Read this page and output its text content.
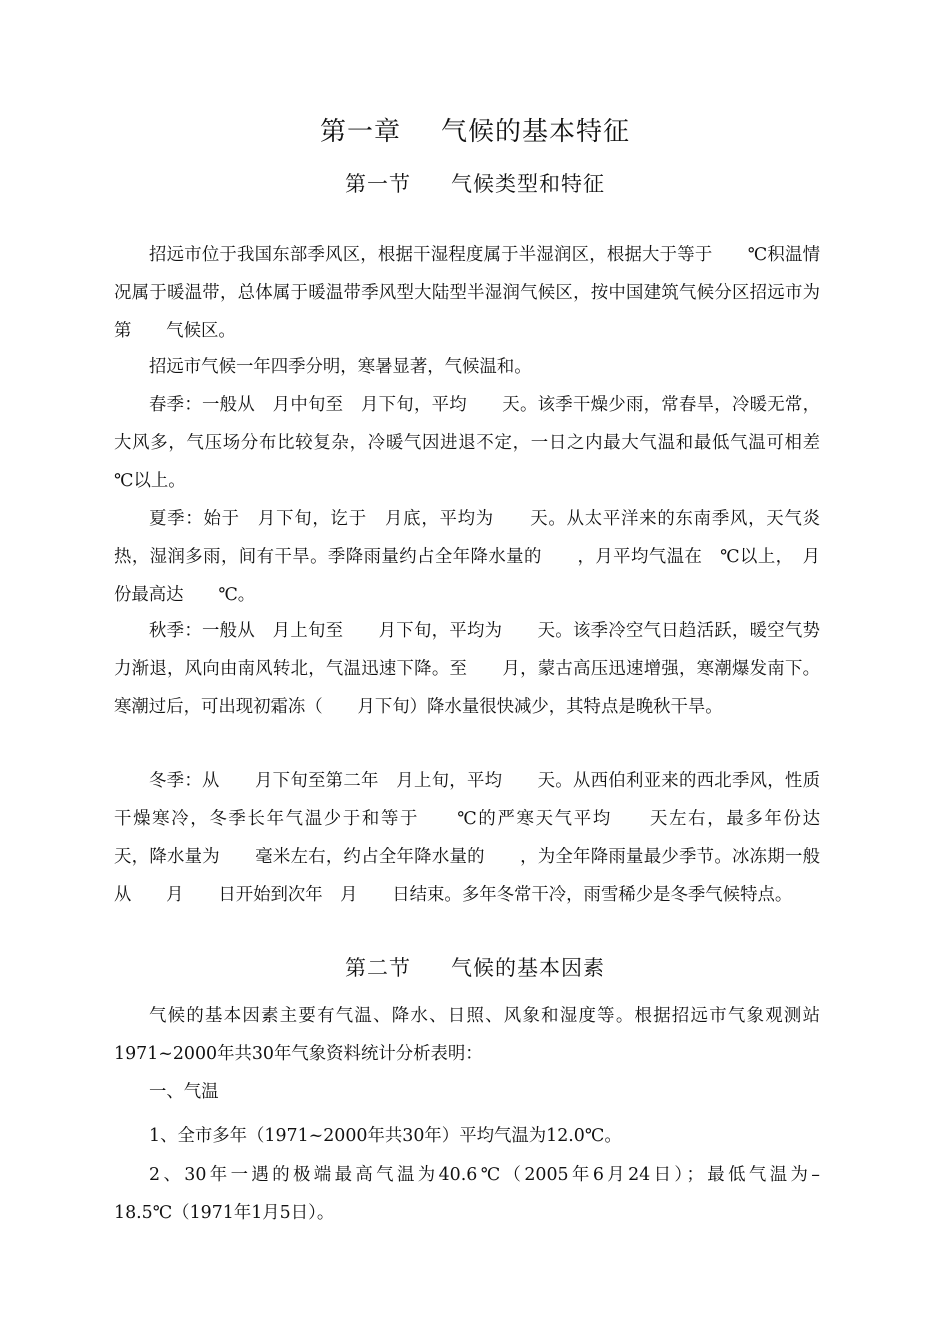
第一章 气候的基本特征
第一节 气候类型和特征

招远市位于我国东部季风区，根据干湿程度属于半湿润区，根据大于等于　　℃积温情况属于暖温带，总体属于暖温带季风型大陆型半湿润气候区，按中国建筑气候分区招远市为第　　气候区。

招远市气候一年四季分明，寒暑显著，气候温和。

春季：一般从　月中旬至　月下旬，平均　　天。该季干燥少雨，常春旱，冷暖无常，大风多，气压场分布比较复杂，冷暖气因进退不定，一日之内最大气温和最低气温可相差　℃以上。

夏季：始于　月下旬，讫于　月底，平均为　　天。从太平洋来的东南季风，天气炎热，湿润多雨，间有干旱。季降雨量约占全年降水量的　　，月平均气温在　℃以上，　月份最高达　　℃。

秋季：一般从　月上旬至　　月下旬，平均为　　天。该季冷空气日趋活跃，暖空气势力渐退，风向由南风转北，气温迅速下降。至　　月，蒙古高压迅速增强，寒潮爆发南下。寒潮过后，可出现初霜冻（　　月下旬）降水量很快减少，其特点是晚秋干旱。

冬季：从　　月下旬至第二年　月上旬，平均　　天。从西伯利亚来的西北季风，性质干燥寒冷，冬季长年气温少于和等于　　℃的严寒天气平均　　天左右，最多年份达　　天，降水量为　　毫米左右，约占全年降水量的　　，为全年降雨量最少季节。冰冻期一般从　　月　　日开始到次年　月　　日结束。多年冬常干冷，雨雪稀少是冬季气候特点。

第二节 气候的基本因素

气候的基本因素主要有气温、降水、日照、风象和湿度等。根据招远市气象观测站1971~2000年共30年气象资料统计分析表明：

一、气温

1、全市多年（1971~2000年共30年）平均气温为12.0℃。

2、30年一遇的极端最高气温为40.6℃（2005年6月24日）；最低气温为–18.5℃（1971年1月5日）。
